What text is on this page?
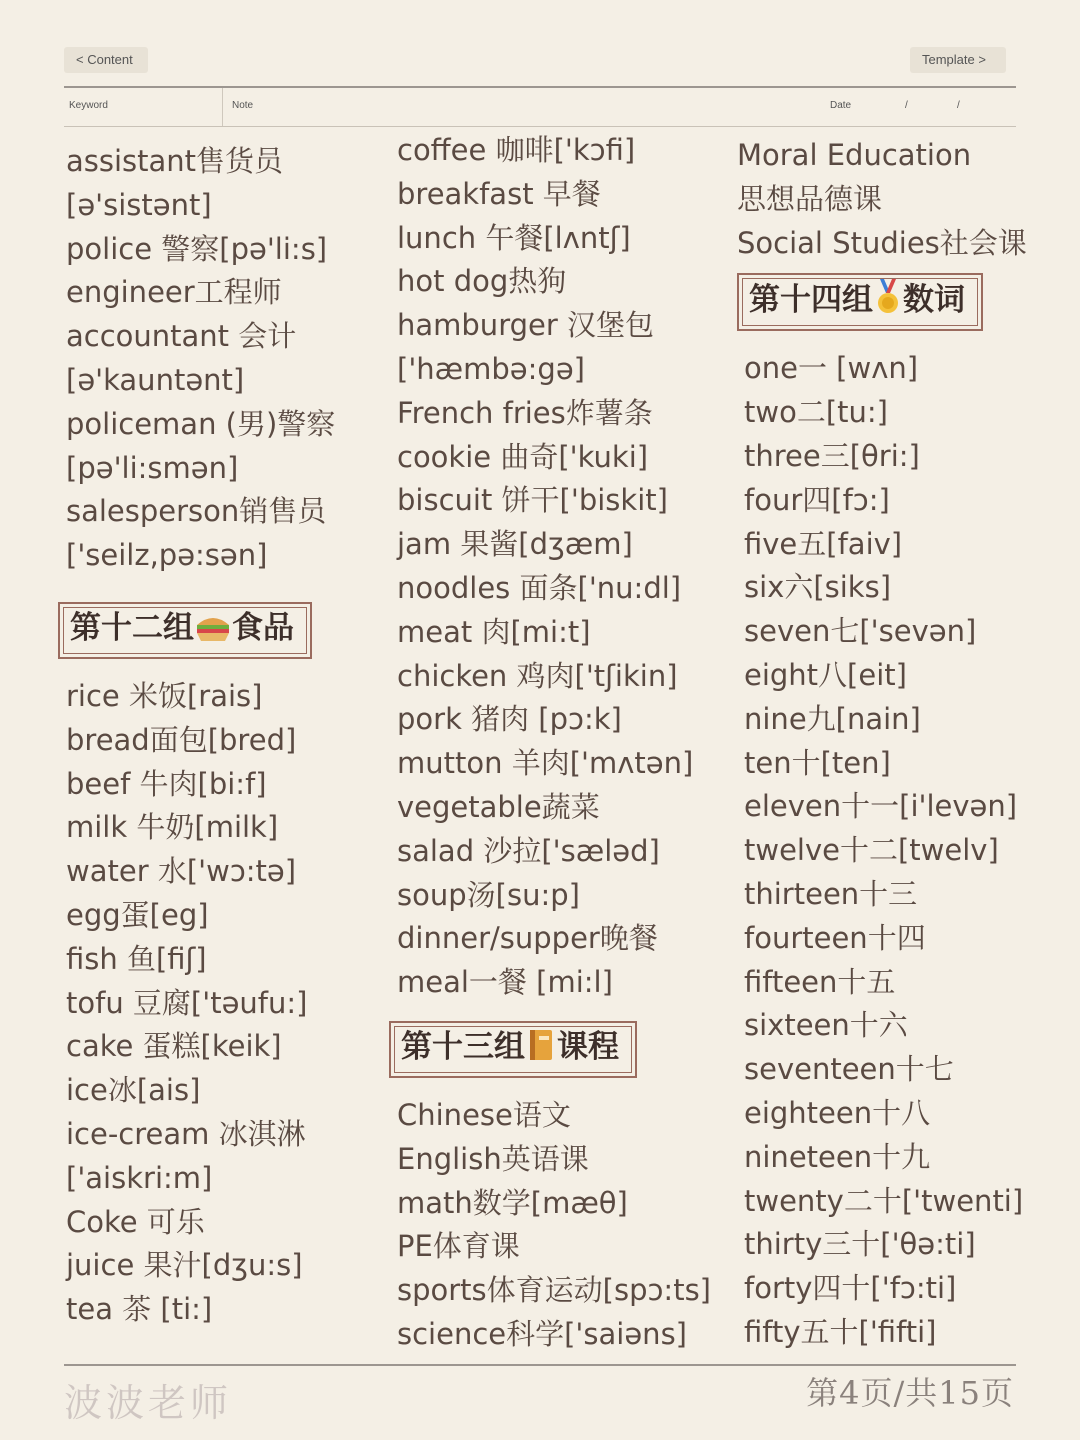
< Content	Template >
Keyword	Note	Date	/	/
assistant售货员
[ə'sistənt]
police 警察[pə'li:s]
engineer工程师
accountant 会计
[ə'kauntənt]
policeman (男)警察
[pə'li:smən]
salesperson销售员
['seilz,pə:sən]
第十二组 食品
rice 米饭[rais]
bread面包[bred]
beef 牛肉[bi:f]
milk 牛奶[milk]
water 水['wɔ:tə]
egg蛋[eg]
fish 鱼[fiʃ]
tofu 豆腐['təufu:]
cake 蛋糕[keik]
ice冰[ais]
ice-cream 冰淇淋
['aiskri:m]
Coke 可乐
juice 果汁[dʒu:s]
tea 茶 [ti:]
coffee 咖啡['kɔfi]
breakfast 早餐
lunch 午餐[lʌntʃ]
hot dog热狗
hamburger 汉堡包
['hæmbə:gə]
French fries炸薯条
cookie 曲奇['kuki]
biscuit 饼干['biskit]
jam 果酱[dʒæm]
noodles 面条['nu:dl]
meat 肉[mi:t]
chicken 鸡肉['tʃikin]
pork 猪肉 [pɔ:k]
mutton 羊肉['mʌtən]
vegetable蔬菜
salad 沙拉['sæləd]
soup汤[su:p]
dinner/supper晚餐
meal一餐 [mi:l]
第十三组 课程
Chinese语文
English英语课
math数学[mæθ]
PE体育课
sports体育运动[spɔ:ts]
science科学['saiəns]
Moral Education
思想品德课
Social Studies社会课
第十四组 数词
one一 [wʌn]
two二[tu:]
three三[θri:]
four四[fɔ:]
five五[faiv]
six六[siks]
seven七['sevən]
eight八[eit]
nine九[nain]
ten十[ten]
eleven十一[i'levən]
twelve十二[twelv]
thirteen十三
fourteen十四
fifteen十五
sixteen十六
seventeen十七
eighteen十八
nineteen十九
twenty二十['twenti]
thirty三十['θə:ti]
forty四十['fɔ:ti]
fifty五十['fifti]
波波老师	第4页/共15页
